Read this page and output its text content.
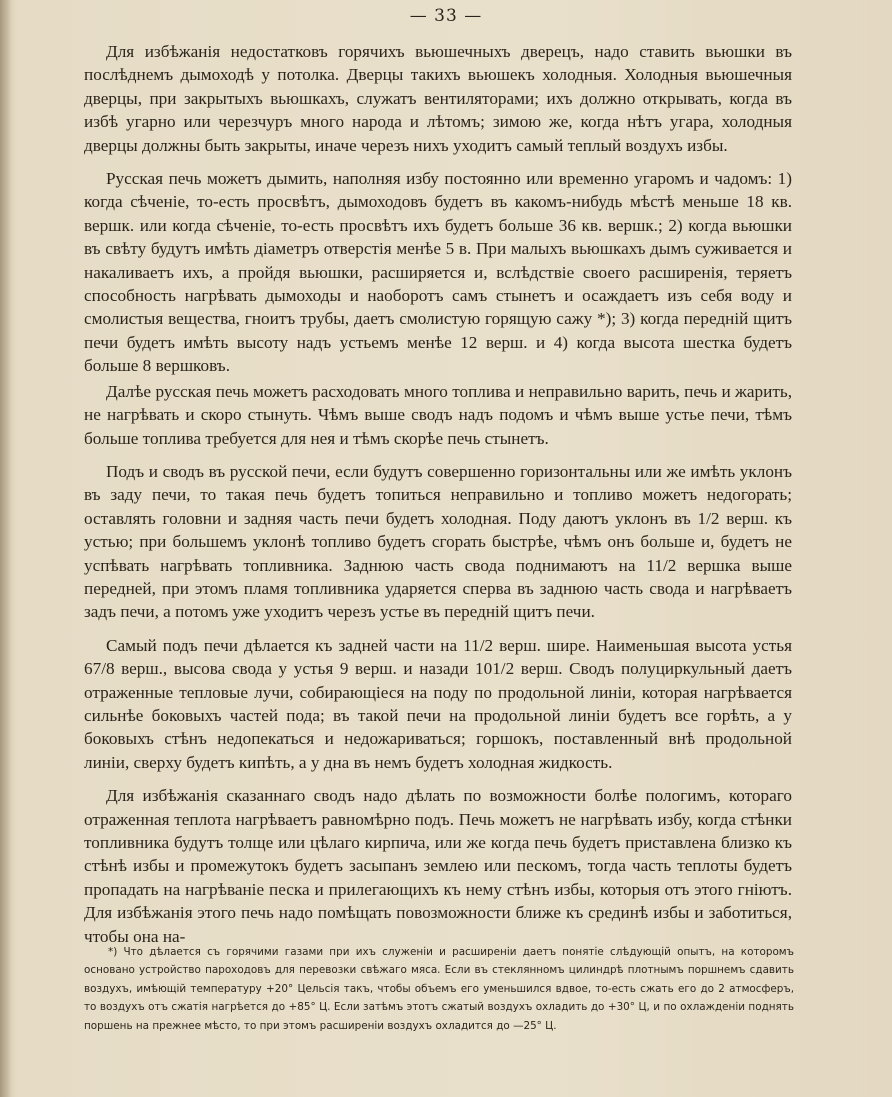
— 33 —

Для избѣжанія недостатковъ горячихъ вьюшечныхъ дверецъ, надо ставить вьюшки въ послѣднемъ дымоходѣ у потолка. Дверцы такихъ вьюшекъ холодныя. Холодныя вьюшечныя дверцы, при закрытыхъ вьюшкахъ, служатъ вентиляторами; ихъ должно открывать, когда въ избѣ угарно или черезчуръ много народа и лѣтомъ; зимою же, когда нѣтъ угара, холодныя дверцы должны быть закрыты, иначе черезъ нихъ уходитъ самый теплый воздухъ избы.

Русская печь можетъ дымить, наполняя избу постоянно или временно угаромъ и чадомъ: 1) когда сѣченіе, то-есть просвѣтъ, дымоходовъ будетъ въ какомъ-нибудь мѣстѣ меньше 18 кв. вершк. или когда сѣченіе, то-есть просвѣтъ ихъ будетъ больше 36 кв. вершк.; 2) когда вьюшки въ свѣту будутъ имѣть діаметръ отверстія менѣе 5 в. При малыхъ вьюшкахъ дымъ суживается и накаливаетъ ихъ, а пройдя вьюшки, расширяется и, вслѣдствіе своего расширенія, теряетъ способность нагрѣвать дымоходы и наоборотъ самъ стынетъ и осаждаетъ изъ себя воду и смолистыя вещества, гноитъ трубы, даетъ смолистую горящую сажу *); 3) когда передній щитъ печи будетъ имѣть высоту надъ устьемъ менѣе 12 верш. и 4) когда высота шестка будетъ больше 8 вершковъ.

Далѣе русская печь можетъ расходовать много топлива и неправильно варить, печь и жарить, не нагрѣвать и скоро стынуть. Чѣмъ выше сводъ надъ подомъ и чѣмъ выше устье печи, тѣмъ больше топлива требуется для нея и тѣмъ скорѣе печь стынетъ.

Подъ и сводъ въ русской печи, если будутъ совершенно горизонтальны или же имѣть уклонъ въ заду печи, то такая печь будетъ топиться неправильно и топливо можетъ недогорать; оставлять головни и задняя часть печи будетъ холодная. Поду даютъ уклонъ въ 1/2 верш. къ устью; при большемъ уклонѣ топливо будетъ сгорать быстрѣе, чѣмъ онъ больше и, будетъ не успѣвать нагрѣвать топливника. Заднюю часть свода поднимаютъ на 11/2 вершка выше передней, при этомъ пламя топливника ударяется сперва въ заднюю часть свода и нагрѣваетъ задъ печи, а потомъ уже уходитъ черезъ устье въ передній щитъ печи.

Самый подъ печи дѣлается къ задней части на 11/2 верш. шире. Наименьшая высота устья 67/8 верш., высова свода у устья 9 верш. и назади 101/2 верш. Сводъ полуциркульный даетъ отраженные тепловые лучи, собирающіеся на поду по продольной линіи, которая нагрѣвается сильнѣе боковыхъ частей пода; въ такой печи на продольной линіи будетъ все горѣть, а у боковыхъ стѣнъ недопекаться и недожариваться; горшокъ, поставленный внѣ продольной линіи, сверху будетъ кипѣть, а у дна въ немъ будетъ холодная жидкость.

Для избѣжанія сказаннаго сводъ надо дѣлать по возможности болѣе пологимъ, котораго отраженная теплота нагрѣваетъ равномѣрно подъ. Печь можетъ не нагрѣвать избу, когда стѣнки топливника будутъ толще или цѣлаго кирпича, или же когда печь будетъ приставлена близко къ стѣнѣ избы и промежутокъ будетъ засыпанъ землею или пескомъ, тогда часть теплоты будетъ пропадать на нагрѣваніе песка и прилегающихъ къ нему стѣнъ избы, которыя отъ этого гніютъ. Для избѣжанія этого печь надо помѣщать повозможности ближе къ срединѣ избы и заботиться, чтобы она на-

*) Что дѣлается съ горячими газами при ихъ служеніи и расширеніи даетъ понятіе слѣдующій опытъ, на которомъ основано устройство пароходовъ для перевозки свѣжаго мяса. Если въ стеклянномъ цилиндрѣ плотнымъ поршнемъ сдавить воздухъ, имѣющій температуру +20° Цельсія такъ, чтобы объемъ его уменьшился вдвое, то-есть сжать его до 2 атмосферъ, то воздухъ отъ сжатія нагрѣется до +85° Ц. Если затѣмъ этотъ сжатый воздухъ охладить до +30° Ц, и по охлажденіи поднять поршень на прежнее мѣсто, то при этомъ расширеніи воздухъ охладится до —25° Ц.
